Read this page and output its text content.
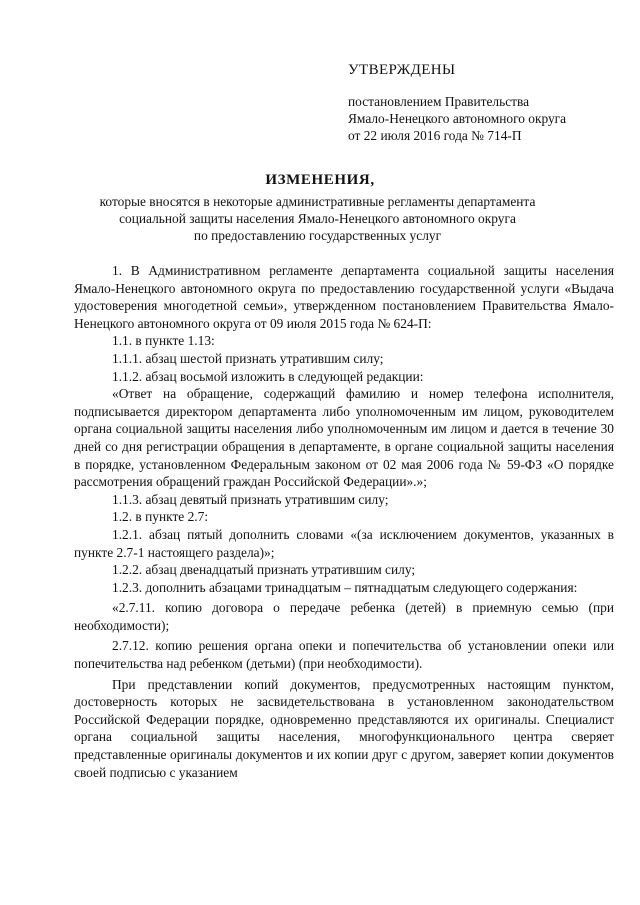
УТВЕРЖДЕНЫ
постановлением Правительства
Ямало-Ненецкого автономного округа
от 22 июля 2016 года № 714-П
ИЗМЕНЕНИЯ,
которые вносятся в некоторые административные регламенты департамента
социальной защиты населения Ямало-Ненецкого автономного округа
по предоставлению государственных услуг

1. В Административном регламенте департамента социальной защиты населения Ямало-Ненецкого автономного округа по предоставлению государственной услуги «Выдача удостоверения многодетной семьи», утвержденном постановлением Правительства Ямало-Ненецкого автономного округа от 09 июля 2015 года № 624-П:

1.1. в пункте 1.13:

1.1.1. абзац шестой признать утратившим силу;

1.1.2. абзац восьмой изложить в следующей редакции:

«Ответ на обращение, содержащий фамилию и номер телефона исполнителя, подписывается директором департамента либо уполномоченным им лицом, руководителем органа социальной защиты населения либо уполномоченным им лицом и дается в течение 30 дней со дня регистрации обращения в департаменте, в органе социальной защиты населения в порядке, установленном Федеральным законом от 02 мая 2006 года № 59-ФЗ «О порядке рассмотрения обращений граждан Российской Федерации».»;

1.1.3. абзац девятый признать утратившим силу;

1.2. в пункте 2.7:

1.2.1. абзац пятый дополнить словами «(за исключением документов, указанных в пункте 2.7-1 настоящего раздела)»;

1.2.2. абзац двенадцатый признать утратившим силу;

1.2.3. дополнить абзацами тринадцатым – пятнадцатым следующего содержания:

«2.7.11. копию договора о передаче ребенка (детей) в приемную семью (при необходимости);

2.7.12. копию решения органа опеки и попечительства об установлении опеки или попечительства над ребенком (детьми) (при необходимости).

При представлении копий документов, предусмотренных настоящим пунктом, достоверность которых не засвидетельствована в установленном законодательством Российской Федерации порядке, одновременно представляются их оригиналы. Специалист органа социальной защиты населения, многофункционального центра сверяет представленные оригиналы документов и их копии друг с другом, заверяет копии документов своей подписью с указанием
